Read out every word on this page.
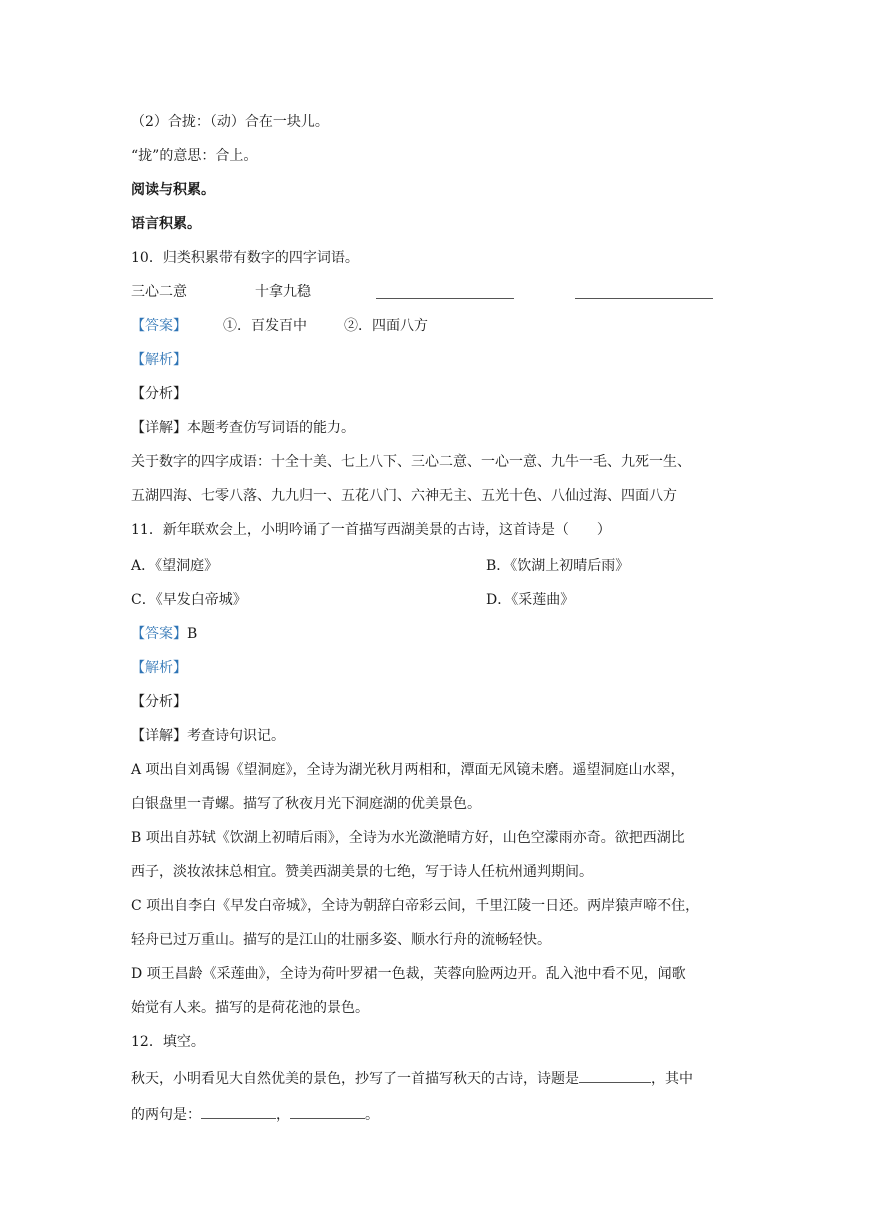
（2）合拢：（动）合在一块儿。
“拢”的意思：合上。
阅读与积累。
语言积累。
10．归类积累带有数字的四字词语。
三心二意	十拿九稳
【答案】	①．百发百中	②．四面八方
【解析】
【分析】
【详解】本题考查仿写词语的能力。
关于数字的四字成语：十全十美、七上八下、三心二意、一心一意、九牛一毛、九死一生、
五湖四海、七零八落、九九归一、五花八门、六神无主、五光十色、八仙过海、四面八方
11．新年联欢会上，小明吟诵了一首描写西湖美景的古诗，这首诗是（　　）
A．《望洞庭》	B．《饮湖上初晴后雨》
C．《早发白帝城》	D．《采莲曲》
【答案】B
【解析】
【分析】
【详解】考查诗句识记。
A 项出自刘禹锡《望洞庭》，全诗为湖光秋月两相和，潭面无风镜未磨。遥望洞庭山水翠，
白银盘里一青螺。描写了秋夜月光下洞庭湖的优美景色。
B 项出自苏轼《饮湖上初晴后雨》，全诗为水光潋滟晴方好，山色空濛雨亦奇。欲把西湖比
西子，淡妆浓抹总相宜。赞美西湖美景的七绝，写于诗人任杭州通判期间。
C 项出自李白《早发白帝城》，全诗为朝辞白帝彩云间，千里江陵一日还。两岸猿声啼不住，
轻舟已过万重山。描写的是江山的壮丽多姿、顺水行舟的流畅轻快。
D 项王昌龄《采莲曲》，全诗为荷叶罗裙一色裁，芙蓉向脸两边开。乱入池中看不见，闻歌
始觉有人来。描写的是荷花池的景色。
12．填空。
秋天，小明看见大自然优美的景色，抄写了一首描写秋天的古诗，诗题是	，其中
的两句是：	，	。
